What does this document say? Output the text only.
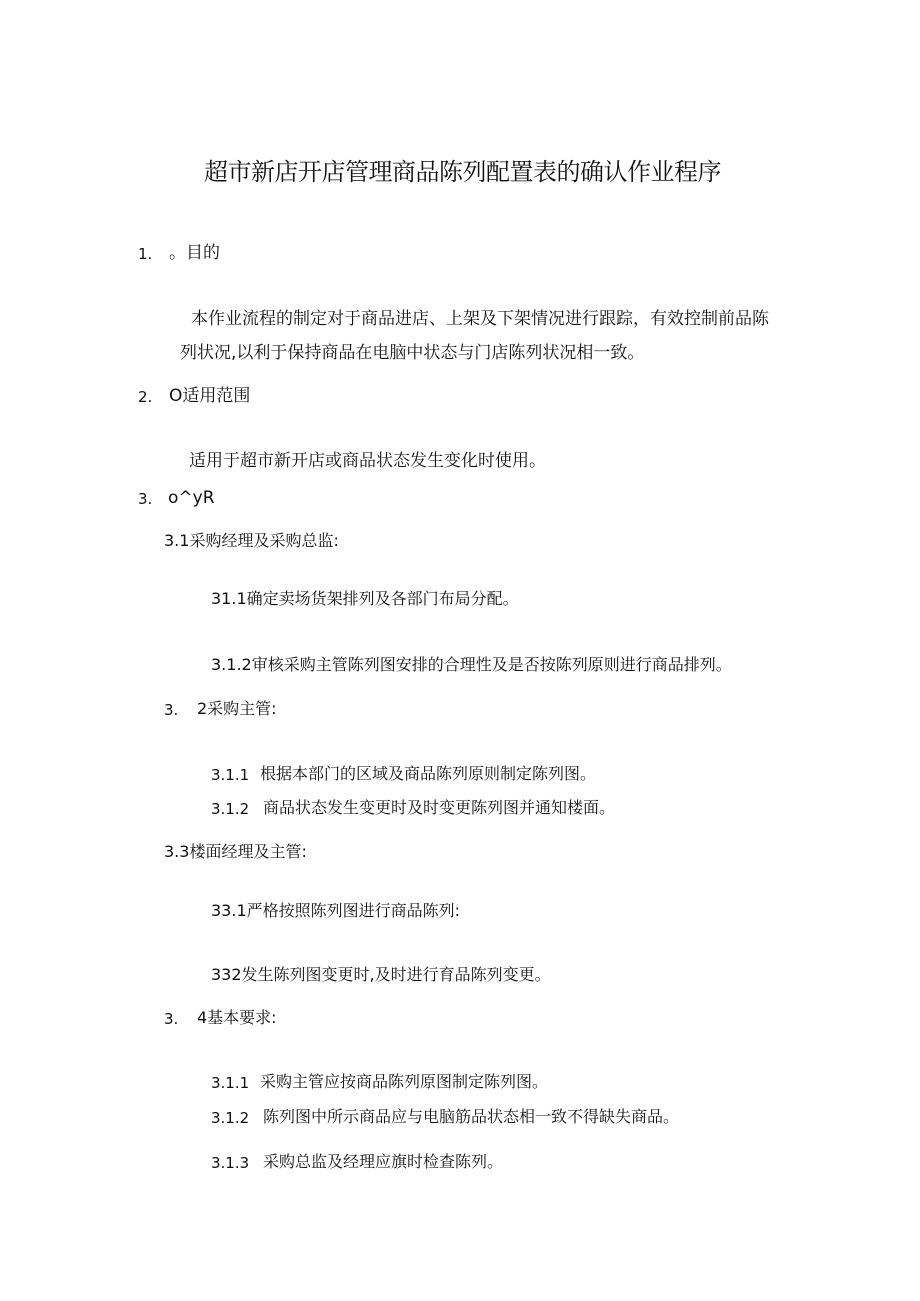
超市新店开店管理商品陈列配置表的确认作业程序
1. 。目的
本作业流程的制定对于商品进店、上架及下架情况进行跟踪，有效控制前品陈
列状况,以利于保持商品在电脑中状态与门店陈列状况相一致。
2. O适用范围
适用于超市新开店或商品状态发生变化时使用。
3. o^yR
3.1采购经理及采购总监:
31.1确定卖场货架排列及各部门布局分配。
3.1.2审核采购主管陈列图安排的合理性及是否按陈列原则进行商品排列。
3. 2采购主管:
3.1.1 根据本部门的区域及商品陈列原则制定陈列图。
3.1.2 商品状态发生变更时及时变更陈列图并通知楼面。
3.3楼面经理及主管:
33.1严格按照陈列图进行商品陈列:
332发生陈列图变更时,及时进行育品陈列变更。
3. 4基本要求:
3.1.1 采购主管应按商品陈列原图制定陈列图。
3.1.2 陈列图中所示商品应与电脑筋品状态相一致不得缺失商品。
3.1.3 采购总监及经理应旗时检查陈列。
